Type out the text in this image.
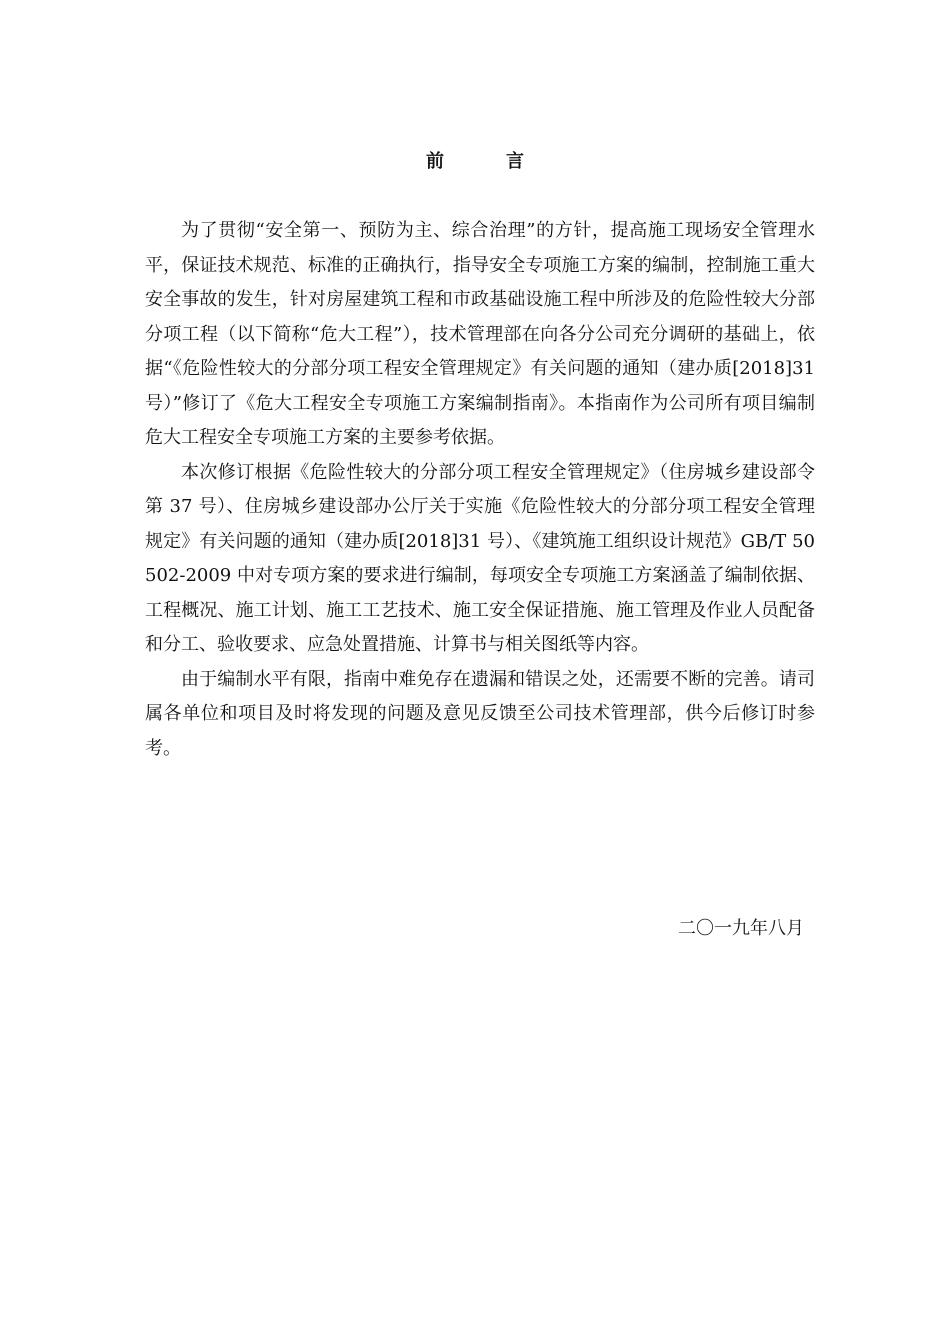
前言

为了贯彻“安全第一、预防为主、综合治理”的方针，提高施工现场安全管理水平，保证技术规范、标准的正确执行，指导安全专项施工方案的编制，控制施工重大安全事故的发生，针对房屋建筑工程和市政基础设施工程中所涉及的危险性较大分部分项工程（以下简称“危大工程”），技术管理部在向各分公司充分调研的基础上，依据“《危险性较大的分部分项工程安全管理规定》有关问题的通知（建办质[2018]31 号）”修订了《危大工程安全专项施工方案编制指南》。本指南作为公司所有项目编制危大工程安全专项施工方案的主要参考依据。

本次修订根据《危险性较大的分部分项工程安全管理规定》（住房城乡建设部令第 37 号）、住房城乡建设部办公厅关于实施《危险性较大的分部分项工程安全管理规定》有关问题的通知（建办质[2018]31 号）、《建筑施工组织设计规范》GB/T 50502-2009 中对专项方案的要求进行编制，每项安全专项施工方案涵盖了编制依据、工程概况、施工计划、施工工艺技术、施工安全保证措施、施工管理及作业人员配备和分工、验收要求、应急处置措施、计算书与相关图纸等内容。

由于编制水平有限，指南中难免存在遗漏和错误之处，还需要不断的完善。请司属各单位和项目及时将发现的问题及意见反馈至公司技术管理部，供今后修订时参考。

二〇一九年八月
